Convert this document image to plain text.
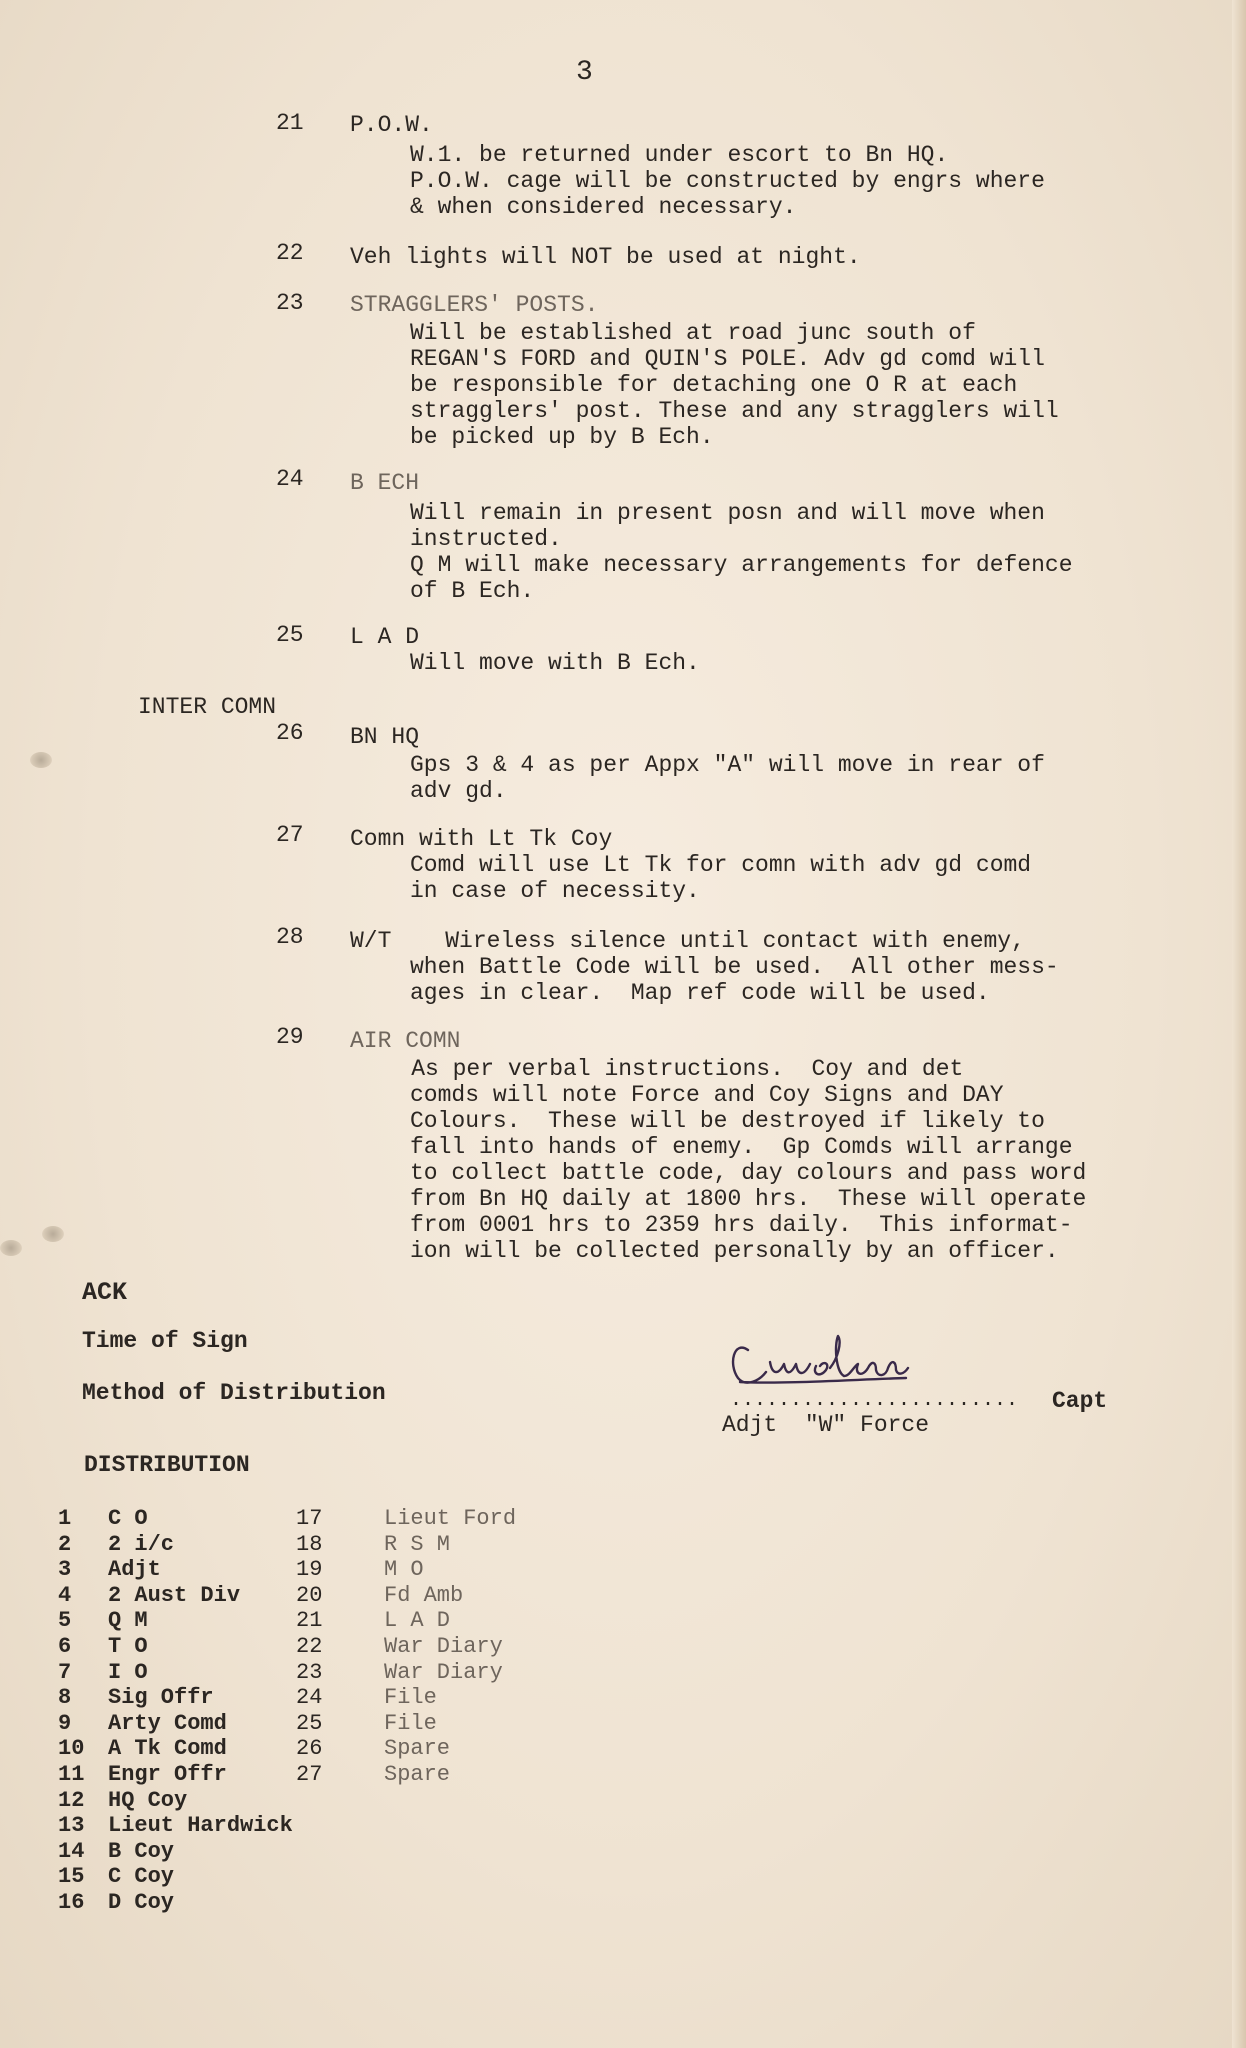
3
21 P.O.W.
W.1. be returned under escort to Bn HQ.
P.O.W. cage will be constructed by engrs where
& when considered necessary.
22 Veh lights will NOT be used at night.
23 STRAGGLERS' POSTS.
Will be established at road junc south of
REGAN'S FORD and QUIN'S POLE. Adv gd comd will
be responsible for detaching one O R at each
stragglers' post. These and any stragglers will
be picked up by B Ech.
24 B ECH
Will remain in present posn and will move when
instructed.
Q M will make necessary arrangements for defence
of B Ech.
25 L A D
Will move with B Ech.
INTER COMN
26 BN HQ
Gps 3 & 4 as per Appx "A" will move in rear of
adv gd.
27 Comn with Lt Tk Coy
Comd will use Lt Tk for comn with adv gd comd
in case of necessity.
28 W/T
Wireless silence until contact with enemy,
when Battle Code will be used.  All other mess-
ages in clear.  Map ref code will be used.
29 AIR COMN
As per verbal instructions.  Coy and det
comds will note Force and Coy Signs and DAY
Colours.  These will be destroyed if likely to
fall into hands of enemy.  Gp Comds will arrange
to collect battle code, day colours and pass word
from Bn HQ daily at 1800 hrs.  These will operate
from 0001 hrs to 2359 hrs daily.  This informat-
ion will be collected personally by an officer.
ACK
Time of Sign
Method of Distribution	........................ Capt
Adjt  "W" Force
DISTRIBUTION
1 C O
2 2 i/c
3 Adjt
4 2 Aust Div
5 Q M
6 T O
7 I O
8 Sig Offr
9 Arty Comd
10 A Tk Comd
11 Engr Offr
12 HQ Coy
13 Lieut Hardwick
14 B Coy
15 C Coy
16 D Coy
17	Lieut Ford
18	R S M
19	M O
20	Fd Amb
21	L A D
22	War Diary
23	War Diary
24	File
25	File
26	Spare
27	Spare
